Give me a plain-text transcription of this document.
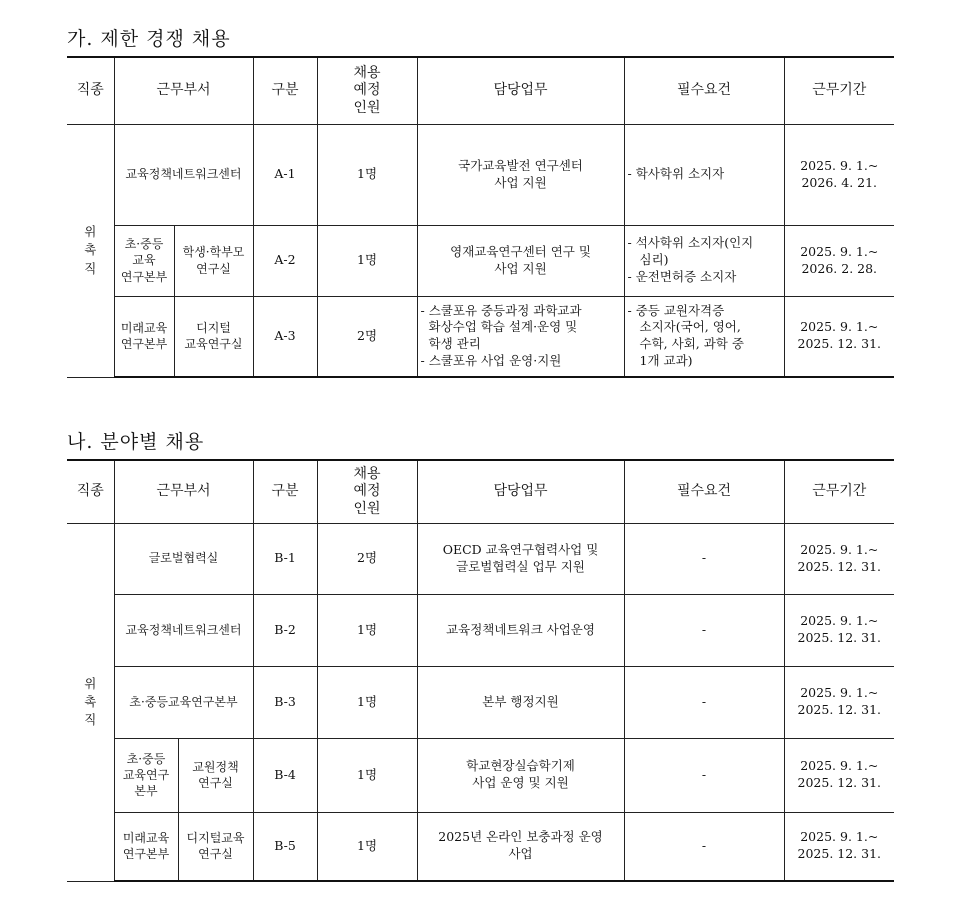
가. 제한 경쟁 채용
직종	근무부서		구분	채용
예정
인원	담당업무	필수요건	근무기간

위
촉
직	교육정책네트워크센터		A-1	1명	국가교육발전 연구센터
사업 지원	- 학사학위 소지자	2025. 9. 1.~
2026. 4. 21.

	초·중등
교육
연구본부	학생·학부모
연구실	A-2	1명	영재교육연구센터 연구 및
사업 지원	- 석사학위 소지자(인지
심리)
- 운전면허증 소지자	2025. 9. 1.~
2026. 2. 28.

	미래교육
연구본부	디지털
교육연구실	A-3	2명	- 스쿨포유 중등과정 과학교과
화상수업 학습 설계·운영 및
학생 관리
- 스쿨포유 사업 운영·지원	- 중등 교원자격증
소지자(국어, 영어,
수학, 사회, 과학 중
1개 교과)	2025. 9. 1.~
2025. 12. 31.
나. 분야별 채용
직종	근무부서		구분	채용
예정
인원	담당업무	필수요건	근무기간

위
촉
직	글로벌협력실		B-1	2명	OECD 교육연구협력사업 및
글로벌협력실 업무 지원	-	2025. 9. 1.~
2025. 12. 31.

	교육정책네트워크센터		B-2	1명	교육정책네트워크 사업운영	-	2025. 9. 1.~
2025. 12. 31.

	초·중등교육연구본부		B-3	1명	본부 행정지원	-	2025. 9. 1.~
2025. 12. 31.

	초·중등
교육연구
본부	교원정책
연구실	B-4	1명	학교현장실습학기제
사업 운영 및 지원	-	2025. 9. 1.~
2025. 12. 31.

	미래교육
연구본부	디지털교육
연구실	B-5	1명	2025년 온라인 보충과정 운영
사업	-	2025. 9. 1.~
2025. 12. 31.
